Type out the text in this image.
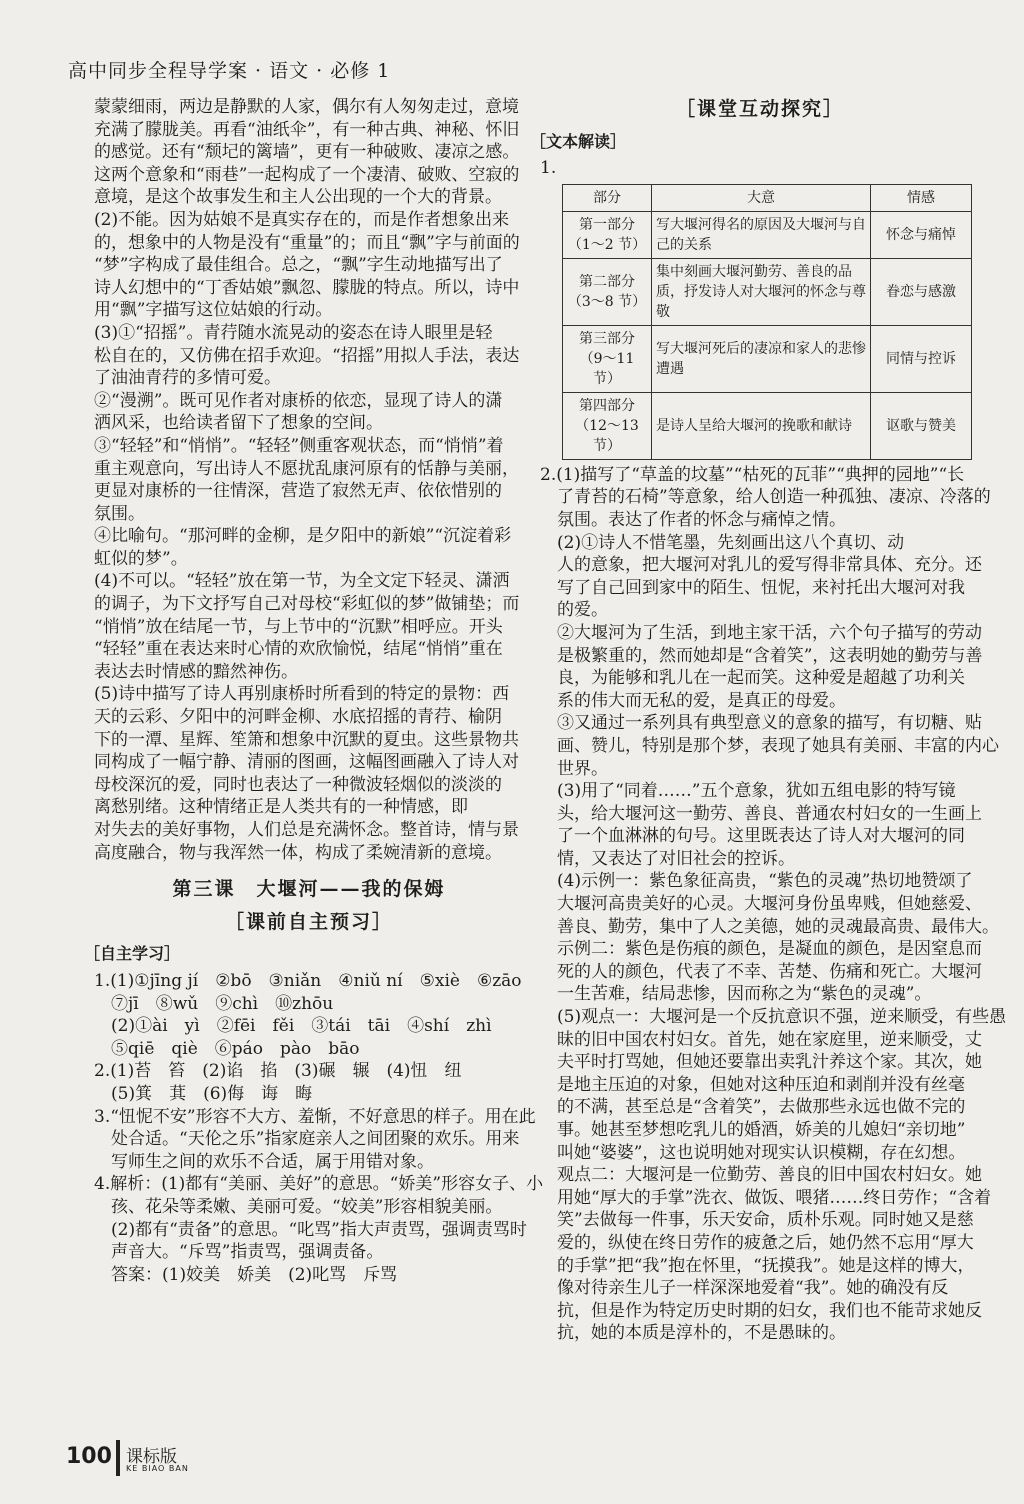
高中同步全程导学案 · 语文 · 必修 1

蒙蒙细雨，两边是静默的人家，偶尔有人匆匆走过，意境

充满了朦胧美。再看“油纸伞”，有一种古典、神秘、怀旧

的感觉。还有“颓圮的篱墙”，更有一种破败、凄凉之感。

这两个意象和“雨巷”一起构成了一个凄清、破败、空寂的

意境，是这个故事发生和主人公出现的一个大的背景。

(2)不能。因为姑娘不是真实存在的，而是作者想象出来

的，想象中的人物是没有“重量”的；而且“飘”字与前面的

“梦”字构成了最佳组合。总之，“飘”字生动地描写出了

诗人幻想中的“丁香姑娘”飘忽、朦胧的特点。所以，诗中

用“飘”字描写这位姑娘的行动。

(3)①“招摇”。青荇随水流晃动的姿态在诗人眼里是轻

松自在的，又仿佛在招手欢迎。“招摇”用拟人手法，表达

了油油青荇的多情可爱。

②“漫溯”。既可见作者对康桥的依恋，显现了诗人的潇

洒风采，也给读者留下了想象的空间。

③“轻轻”和“悄悄”。“轻轻”侧重客观状态，而“悄悄”着

重主观意向，写出诗人不愿扰乱康河原有的恬静与美丽，

更显对康桥的一往情深，营造了寂然无声、依依惜别的

氛围。

④比喻句。“那河畔的金柳，是夕阳中的新娘”“沉淀着彩

虹似的梦”。

(4)不可以。“轻轻”放在第一节，为全文定下轻灵、潇洒

的调子，为下文抒写自己对母校“彩虹似的梦”做铺垫；而

“悄悄”放在结尾一节，与上节中的“沉默”相呼应。开头

“轻轻”重在表达来时心情的欢欣愉悦，结尾“悄悄”重在

表达去时情感的黯然神伤。

(5)诗中描写了诗人再别康桥时所看到的特定的景物：西

天的云彩、夕阳中的河畔金柳、水底招摇的青荇、榆阴

下的一潭、星辉、笙箫和想象中沉默的夏虫。这些景物共

同构成了一幅宁静、清丽的图画，这幅图画融入了诗人对

母校深沉的爱，同时也表达了一种微波轻烟似的淡淡的

离愁别绪。这种情绪正是人类共有的一种情感，即

对失去的美好事物，人们总是充满怀念。整首诗，情与景

高度融合，物与我浑然一体，构成了柔婉清新的意境。

第三课　大堰河——我的保姆
［课前自主预习］
［自主学习］

1.(1)①jīng jí　②bō　③niǎn　④niǔ ní　⑤xiè　⑥zāo

　⑦jī　⑧wǔ　⑨chì　⑩zhōu

　(2)①ài　yì　②fēi　fěi　③tái　tāi　④shí　zhì

　⑤qiē　qiè　⑥páo　pào　bāo

2.(1)苔　笞　(2)谄　掐　(3)碾　辗　(4)忸　纽

　(5)箕　萁　(6)侮　诲　晦

3.“忸怩不安”形容不大方、羞惭，不好意思的样子。用在此

　处合适。“天伦之乐”指家庭亲人之间团聚的欢乐。用来

　写师生之间的欢乐不合适，属于用错对象。

4.解析：(1)都有“美丽、美好”的意思。“娇美”形容女子、小

　孩、花朵等柔嫩、美丽可爱。“姣美”形容相貌美丽。

　(2)都有“责备”的意思。“叱骂”指大声责骂，强调责骂时

　声音大。“斥骂”指责骂，强调责备。

　答案：(1)姣美　娇美　(2)叱骂　斥骂

［课堂互动探究］
［文本解读］

1.

部分	大意	情感
第一部分
（1～2 节）	写大堰河得名的原因及大堰河与自己的关系	怀念与痛悼
第二部分
（3～8 节）	集中刻画大堰河勤劳、善良的品质，抒发诗人对大堰河的怀念与尊敬	眷恋与感激
第三部分
（9～11 节）	写大堰河死后的凄凉和家人的悲惨遭遇	同情与控诉
第四部分
（12～13 节）	是诗人呈给大堰河的挽歌和献诗	讴歌与赞美

2.(1)描写了“草盖的坟墓”“枯死的瓦菲”“典押的园地”“长

　了青苔的石椅”等意象，给人创造一种孤独、凄凉、冷落的

　氛围。表达了作者的怀念与痛悼之情。

　(2)①诗人不惜笔墨，先刻画出这八个真切、动

　人的意象，把大堰河对乳儿的爱写得非常具体、充分。还

　写了自己回到家中的陌生、忸怩，来衬托出大堰河对我

　的爱。

　②大堰河为了生活，到地主家干活，六个句子描写的劳动

　是极繁重的，然而她却是“含着笑”，这表明她的勤劳与善

　良，为能够和乳儿在一起而笑。这种爱是超越了功利关

　系的伟大而无私的爱，是真正的母爱。

　③又通过一系列具有典型意义的意象的描写，有切糖、贴

　画、赞儿，特别是那个梦，表现了她具有美丽、丰富的内心

　世界。

　(3)用了“同着……”五个意象，犹如五组电影的特写镜

　头，给大堰河这一勤劳、善良、普通农村妇女的一生画上

　了一个血淋淋的句号。这里既表达了诗人对大堰河的同

　情，又表达了对旧社会的控诉。

　(4)示例一：紫色象征高贵，“紫色的灵魂”热切地赞颂了

　大堰河高贵美好的心灵。大堰河身份虽卑贱，但她慈爱、

　善良、勤劳，集中了人之美德，她的灵魂最高贵、最伟大。

　示例二：紫色是伤痕的颜色，是凝血的颜色，是因窒息而

　死的人的颜色，代表了不幸、苦楚、伤痛和死亡。大堰河

　一生苦难，结局悲惨，因而称之为“紫色的灵魂”。

　(5)观点一：大堰河是一个反抗意识不强，逆来顺受，有些愚

　昧的旧中国农村妇女。首先，她在家庭里，逆来顺受，丈

　夫平时打骂她，但她还要靠出卖乳汁养这个家。其次，她

　是地主压迫的对象，但她对这种压迫和剥削并没有丝毫

　的不满，甚至总是“含着笑”，去做那些永远也做不完的

　事。她甚至梦想吃乳儿的婚酒，娇美的儿媳妇“亲切地”

　叫她“婆婆”，这也说明她对现实认识模糊，存在幻想。

　观点二：大堰河是一位勤劳、善良的旧中国农村妇女。她

　用她“厚大的手掌”洗衣、做饭、喂猪……终日劳作；“含着

　笑”去做每一件事，乐天安命，质朴乐观。同时她又是慈

　爱的，纵使在终日劳作的疲惫之后，她仍然不忘用“厚大

　的手掌”把“我”抱在怀里，“抚摸我”。她是这样的博大，

　像对待亲生儿子一样深深地爱着“我”。她的确没有反

　抗，但是作为特定历史时期的妇女，我们也不能苛求她反

　抗，她的本质是淳朴的，不是愚昧的。

100 课标版
KE BIAO BAN
